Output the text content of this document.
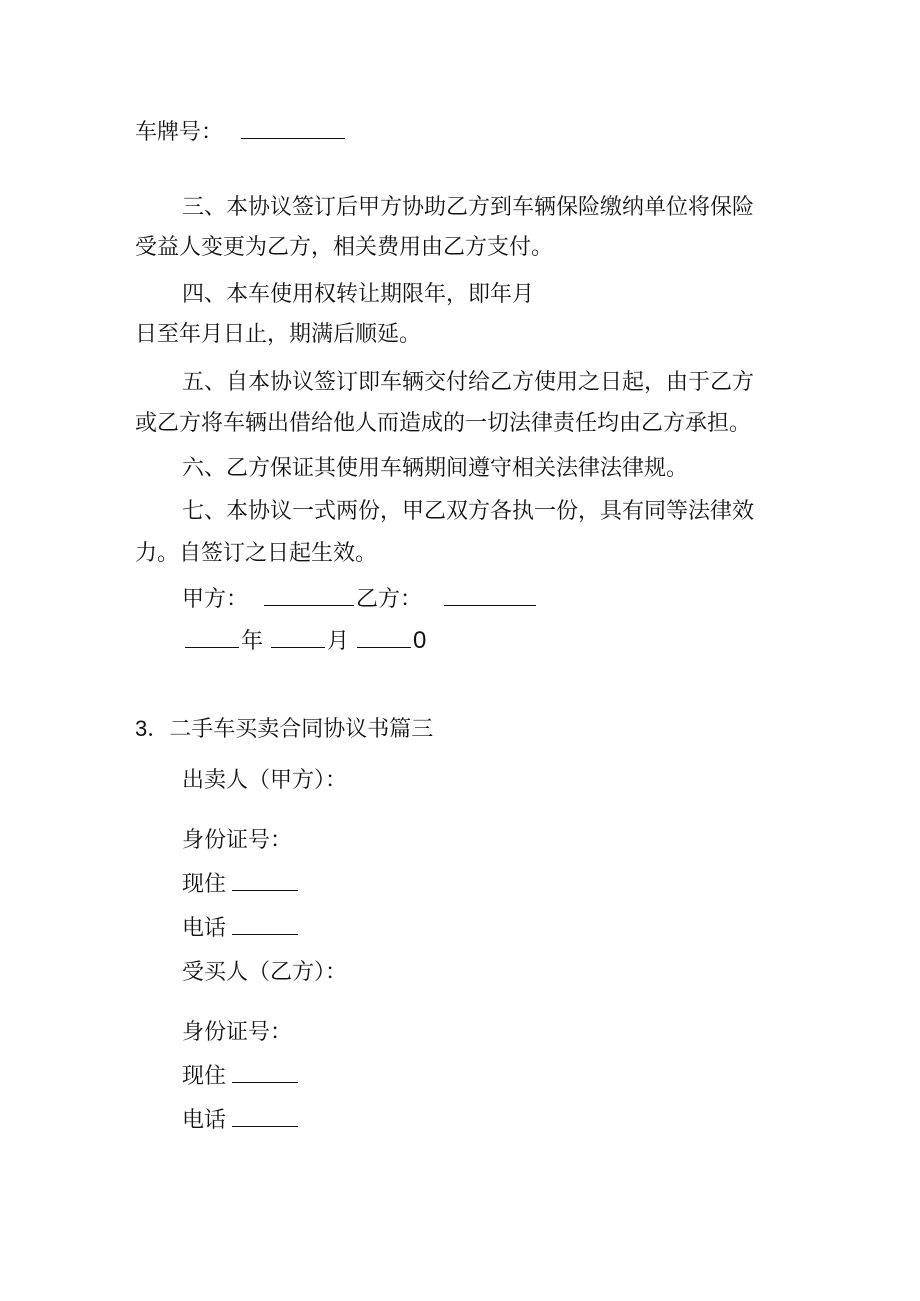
车牌号：
三、本协议签订后甲方协助乙方到车辆保险缴纳单位将保险
受益人变更为乙方，相关费用由乙方支付。
四、本车使用权转让期限年，即年月
日至年月日止，期满后顺延。
五、自本协议签订即车辆交付给乙方使用之日起，由于乙方
或乙方将车辆出借给他人而造成的一切法律责任均由乙方承担。
六、乙方保证其使用车辆期间遵守相关法律法律规。
七、本协议一式两份，甲乙双方各执一份，具有同等法律效
力。自签订之日起生效。
甲方：	乙方：
年	月	0
3．二手车买卖合同协议书篇三
出卖人（甲方）：
身份证号：
现住
电话
受买人（乙方）：
身份证号：
现住
电话
